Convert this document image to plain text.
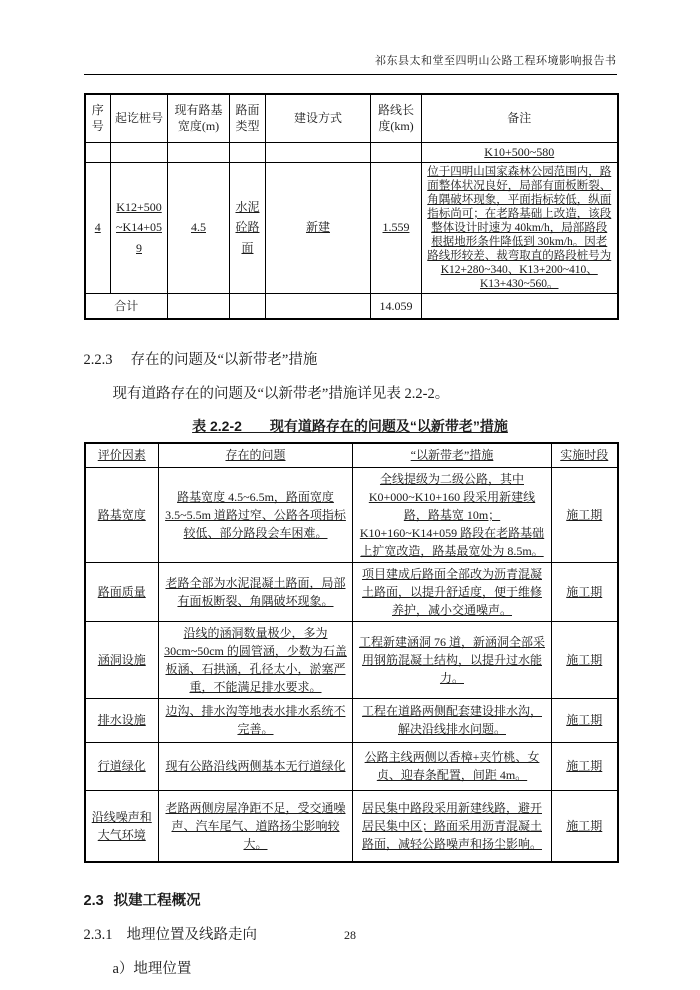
祁东县太和堂至四明山公路工程环境影响报告书
序号	起讫桩号	现有路基宽度(m)	路面类型	建设方式	路线长度(km)	备注
						K10+500~580
4	K12+500~K14+059	4.5	水泥砼路面	新建	1.559	位于四明山国家森林公园范围内，路面整体状况良好，局部有面板断裂、角隅破坏现象，平面指标较低，纵面指标尚可；在老路基础上改造，该段整体设计时速为 40km/h，局部路段根据地形条件降低到 30km/h。因老路线形较差、裁弯取直的路段桩号为 K12+280~340、K13+200~410、K13+430~560。
合计					14.059	
2.2.3 存在的问题及“以新带老”措施

现有道路存在的问题及“以新带老”措施详见表 2.2-2。

表 2.2-2　　现有道路存在的问题及“以新带老”措施
评价因素	存在的问题	“以新带老”措施	实施时段
路基宽度	路基宽度 4.5~6.5m，路面宽度 3.5~5.5m 道路过窄、公路各项指标较低、部分路段会车困难。	全线提级为二级公路，其中 K0+000~K10+160 段采用新建线路，路基宽 10m；K10+160~K14+059 路段在老路基础上扩宽改造，路基最宽处为 8.5m。	施工期
路面质量	老路全部为水泥混凝土路面，局部有面板断裂、角隅破坏现象。	项目建成后路面全部改为沥青混凝土路面，以提升舒适度，便于维修养护，减小交通噪声。	施工期
涵洞设施	沿线的涵洞数量极少，多为 30cm~50cm 的圆管涵，少数为石盖板涵、石拱涵，孔径太小，淤塞严重，不能满足排水要求。	工程新建涵洞 76 道，新涵洞全部采用钢筋混凝土结构，以提升过水能力。	施工期
排水设施	边沟、排水沟等地表水排水系统不完善。	工程在道路两侧配套建设排水沟，解决沿线排水问题。	施工期
行道绿化	现有公路沿线两侧基本无行道绿化	公路主线两侧以香樟+夹竹桃、女贞、迎春条配置，间距 4m。	施工期
沿线噪声和大气环境	老路两侧房屋净距不足，受交通噪声、汽车尾气、道路扬尘影响较大。	居民集中路段采用新建线路，避开居民集中区；路面采用沥青混凝土路面，减轻公路噪声和扬尘影响。	施工期
2.3 拟建工程概况
2.3.1 地理位置及线路走向
a）地理位置
28
